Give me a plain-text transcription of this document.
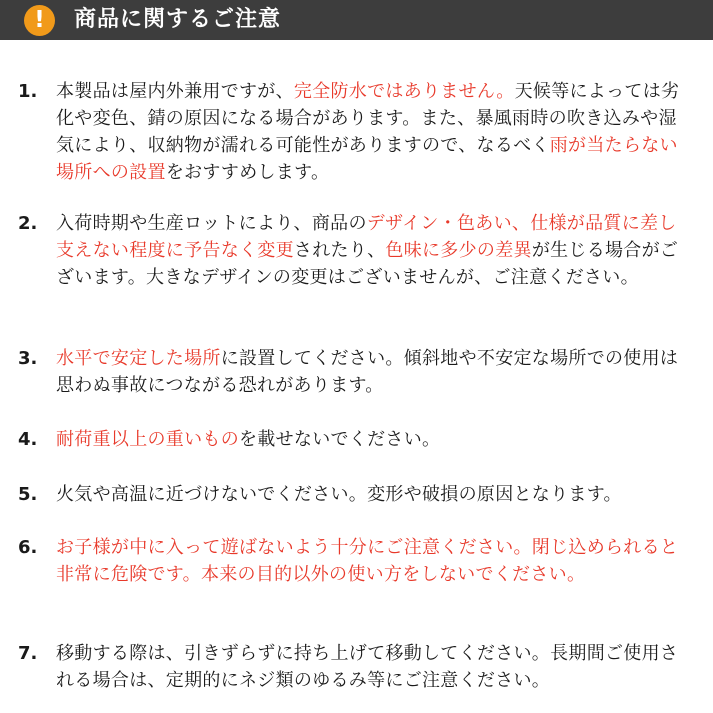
!	商品に関するご注意
1.	本製品は屋内外兼用ですが、完全防水ではありません。天候等によっては劣化や変色、錆の原因になる場合があります。また、暴風雨時の吹き込みや湿気により、収納物が濡れる可能性がありますので、なるべく雨が当たらない場所への設置をおすすめします。
2.	入荷時期や生産ロットにより、商品のデザイン・色あい、仕様が品質に差し支えない程度に予告なく変更されたり、色味に多少の差異が生じる場合がございます。大きなデザインの変更はございませんが、ご注意ください。
3.	水平で安定した場所に設置してください。傾斜地や不安定な場所での使用は思わぬ事故につながる恐れがあります。
4.	耐荷重以上の重いものを載せないでください。
5.	火気や高温に近づけないでください。変形や破損の原因となります。
6.	お子様が中に入って遊ばないよう十分にご注意ください。閉じ込められると非常に危険です。本来の目的以外の使い方をしないでください。
7.	移動する際は、引きずらずに持ち上げて移動してください。長期間ご使用される場合は、定期的にネジ類のゆるみ等にご注意ください。
